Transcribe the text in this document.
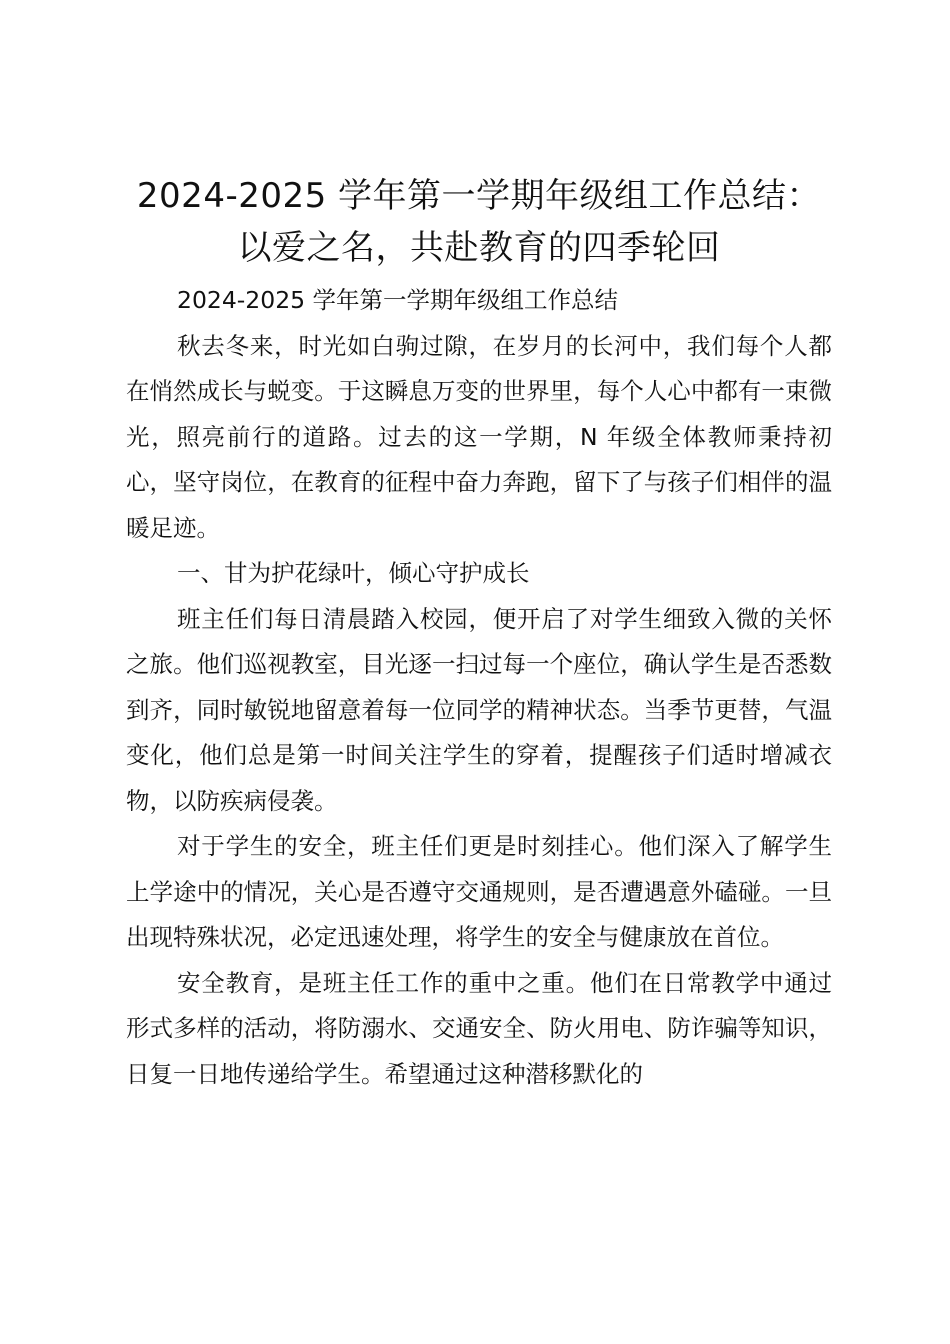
2024-2025 学年第一学期年级组工作总结：
以爱之名，共赴教育的四季轮回

2024-2025 学年第一学期年级组工作总结

秋去冬来，时光如白驹过隙，在岁月的长河中，我们每个人都在悄然成长与蜕变。于这瞬息万变的世界里，每个人心中都有一束微光，照亮前行的道路。过去的这一学期，N 年级全体教师秉持初心，坚守岗位，在教育的征程中奋力奔跑，留下了与孩子们相伴的温暖足迹。

一、甘为护花绿叶，倾心守护成长

班主任们每日清晨踏入校园，便开启了对学生细致入微的关怀之旅。他们巡视教室，目光逐一扫过每一个座位，确认学生是否悉数到齐，同时敏锐地留意着每一位同学的精神状态。当季节更替，气温变化，他们总是第一时间关注学生的穿着，提醒孩子们适时增减衣物，以防疾病侵袭。

对于学生的安全，班主任们更是时刻挂心。他们深入了解学生上学途中的情况，关心是否遵守交通规则，是否遭遇意外磕碰。一旦出现特殊状况，必定迅速处理，将学生的安全与健康放在首位。

安全教育，是班主任工作的重中之重。他们在日常教学中通过形式多样的活动，将防溺水、交通安全、防火用电、防诈骗等知识，日复一日地传递给学生。希望通过这种潜移默化的
